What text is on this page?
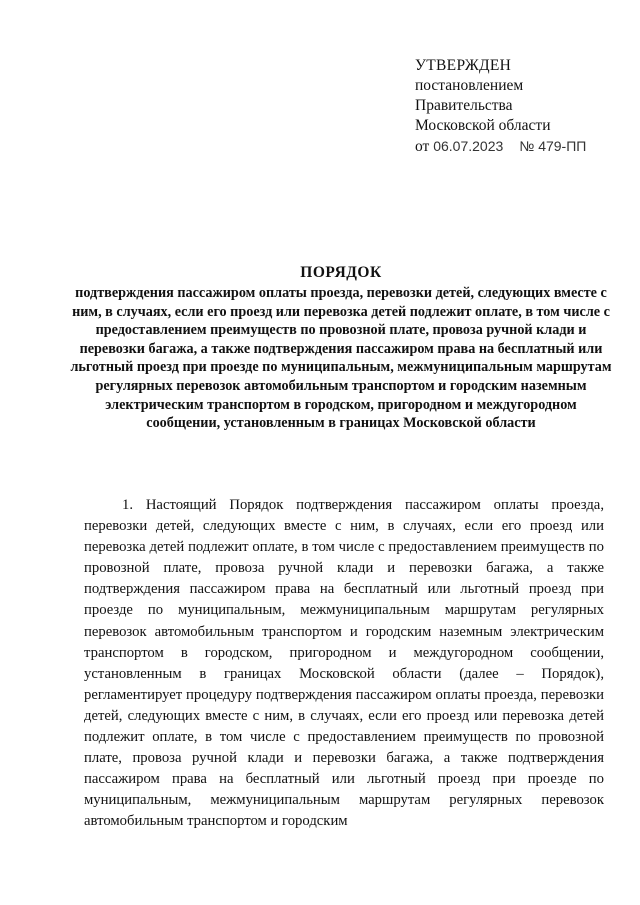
УТВЕРЖДЕН
постановлением
Правительства
Московской области
от 06.07.2023 № 479-ПП
ПОРЯДОК
подтверждения пассажиром оплаты проезда, перевозки детей, следующих вместе с ним, в случаях, если его проезд или перевозка детей подлежит оплате, в том числе с предоставлением преимуществ по провозной плате, провоза ручной клади и перевозки багажа, а также подтверждения пассажиром права на бесплатный или льготный проезд при проезде по муниципальным, межмуниципальным маршрутам регулярных перевозок автомобильным транспортом и городским наземным электрическим транспортом в городском, пригородном и междугородном сообщении, установленным в границах Московской области

1. Настоящий Порядок подтверждения пассажиром оплаты проезда, перевозки детей, следующих вместе с ним, в случаях, если его проезд или перевозка детей подлежит оплате, в том числе с предоставлением преимуществ по провозной плате, провоза ручной клади и перевозки багажа, а также подтверждения пассажиром права на бесплатный или льготный проезд при проезде по муниципальным, межмуниципальным маршрутам регулярных перевозок автомобильным транспортом и городским наземным электрическим транспортом в городском, пригородном и междугородном сообщении, установленным в границах Московской области (далее – Порядок), регламентирует процедуру подтверждения пассажиром оплаты проезда, перевозки детей, следующих вместе с ним, в случаях, если его проезд или перевозка детей подлежит оплате, в том числе с предоставлением преимуществ по провозной плате, провоза ручной клади и перевозки багажа, а также подтверждения пассажиром права на бесплатный или льготный проезд при проезде по муниципальным, межмуниципальным маршрутам регулярных перевозок автомобильным транспортом и городским
